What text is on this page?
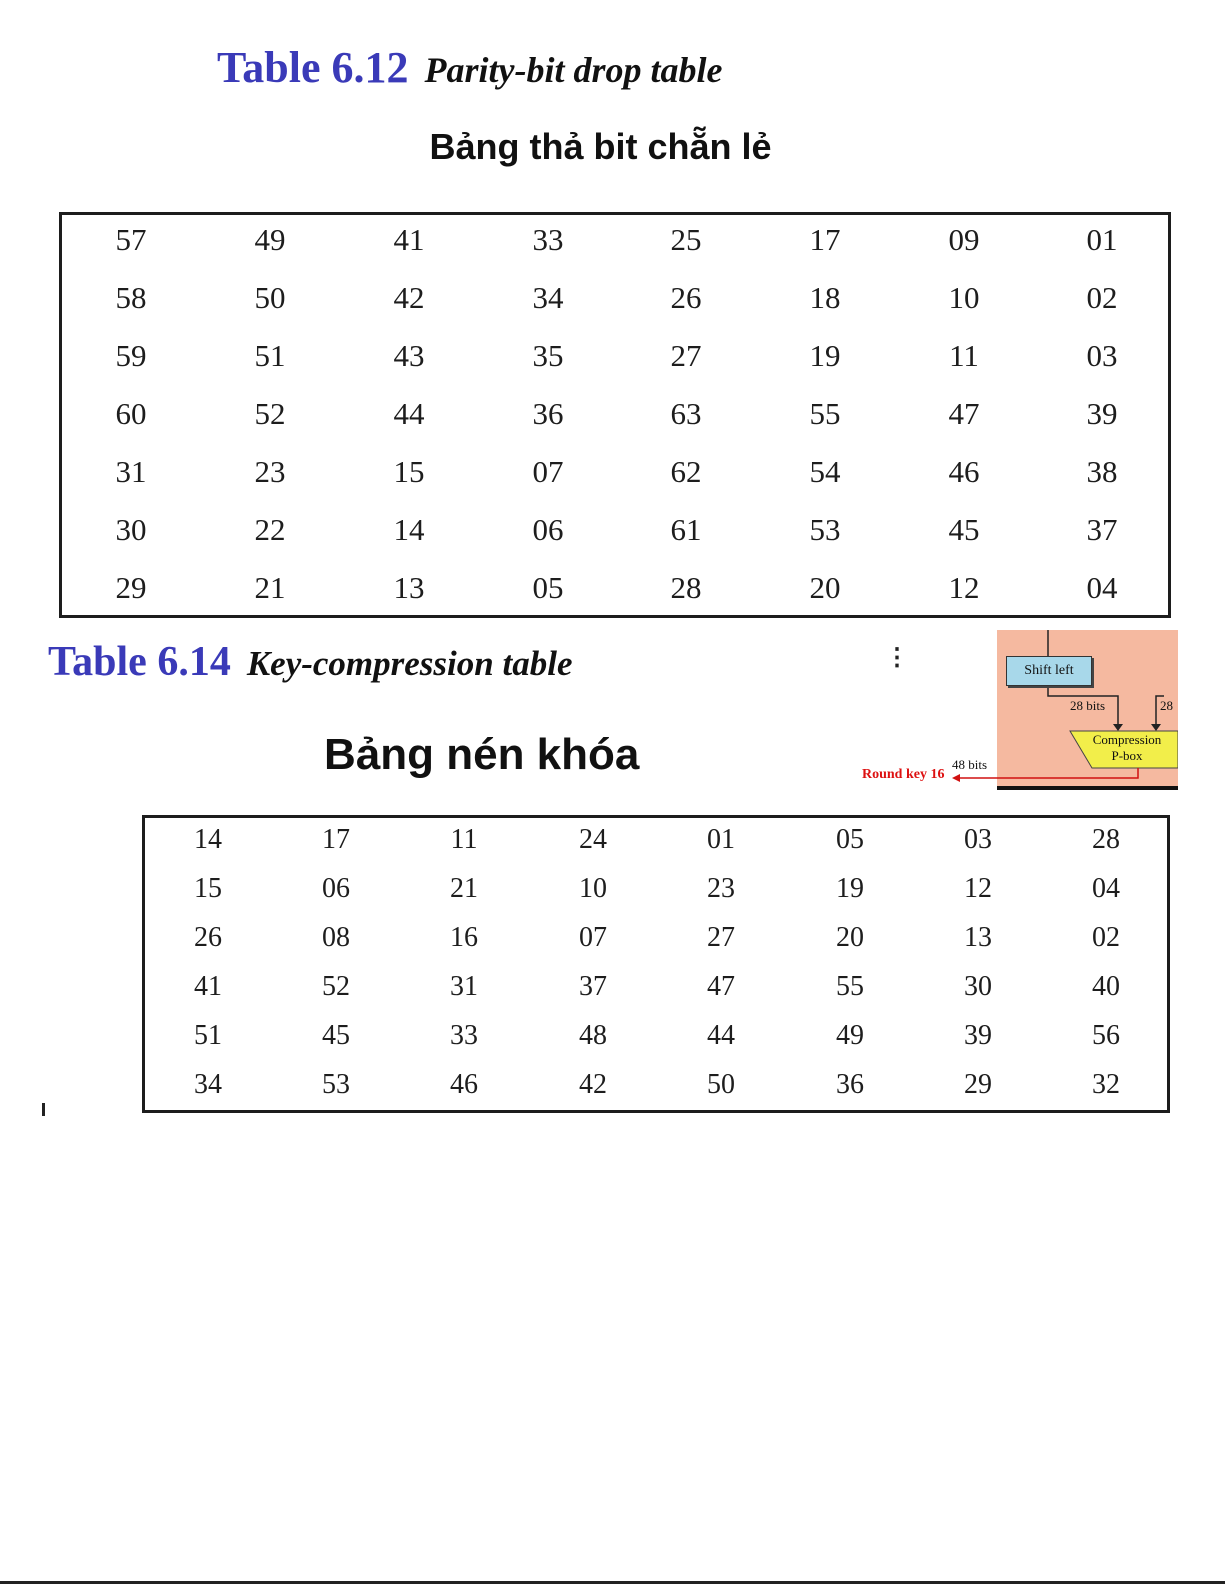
Table 6.12 Parity-bit drop table
Bảng thả bit chẵn lẻ
57	49	41	33	25	17	09	01
58	50	42	34	26	18	10	02
59	51	43	35	27	19	11	03
60	52	44	36	63	55	47	39
31	23	15	07	62	54	46	38
30	22	14	06	61	53	45	37
29	21	13	05	28	20	12	04
Table 6.14 Key-compression table
Bảng nén khóa
⋮	Shift left
28 bits	28
Compression
P-box
48 bits
Round key 16
14	17	11	24	01	05	03	28
15	06	21	10	23	19	12	04
26	08	16	07	27	20	13	02
41	52	31	37	47	55	30	40
51	45	33	48	44	49	39	56
34	53	46	42	50	36	29	32
